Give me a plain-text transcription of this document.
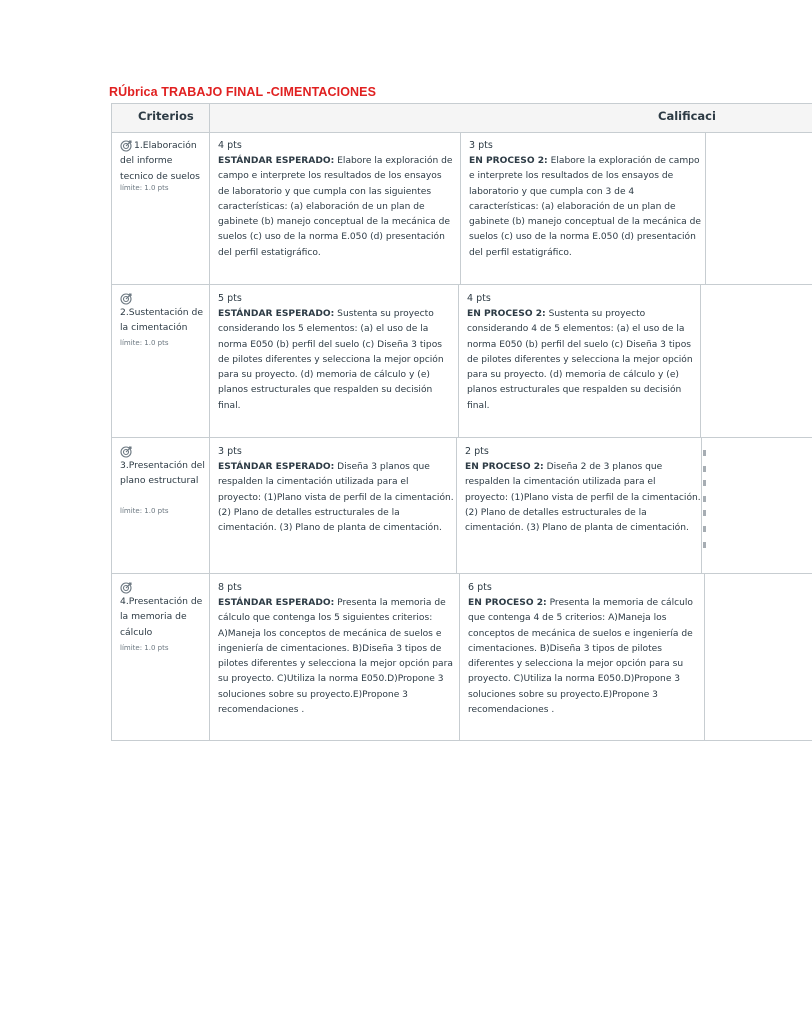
RÚbrica TRABAJO FINAL -CIMENTACIONES
Criterios	Calificaci
1.Elaboración del informe tecnico de suelos
límite: 1.0 pts
4 pts
ESTÁNDAR ESPERADO: Elabore la exploración de campo e interprete los resultados de los ensayos de laboratorio y que cumpla con las siguientes características: (a) elaboración de un plan de gabinete (b) manejo conceptual de la mecánica de suelos (c) uso de la norma E.050 (d) presentación del perfil estatigráfico.
3 pts
EN PROCESO 2: Elabore la exploración de campo e interprete los resultados de los ensayos de laboratorio y que cumpla con 3 de 4 características: (a) elaboración de un plan de gabinete (b) manejo conceptual de la mecánica de suelos (c) uso de la norma E.050 (d) presentación del perfil estatigráfico.
2.Sustentación de la cimentación
límite: 1.0 pts
5 pts
ESTÁNDAR ESPERADO: Sustenta su proyecto considerando los 5 elementos: (a) el uso de la norma E050 (b) perfil del suelo (c) Diseña 3 tipos de pilotes diferentes y selecciona la mejor opción para su proyecto. (d) memoria de cálculo y (e) planos estructurales que respalden su decisión final.
4 pts
EN PROCESO 2: Sustenta su proyecto considerando 4 de 5 elementos: (a) el uso de la norma E050 (b) perfil del suelo (c) Diseña 3 tipos de pilotes diferentes y selecciona la mejor opción para su proyecto. (d) memoria de cálculo y (e) planos estructurales que respalden su decisión final.
3.Presentación del plano estructural
límite: 1.0 pts
3 pts
ESTÁNDAR ESPERADO: Diseña 3 planos que respalden la cimentación utilizada para el proyecto: (1)Plano vista de perfil de la cimentación. (2) Plano de detalles estructurales de la cimentación. (3) Plano de planta de cimentación.
2 pts
EN PROCESO 2: Diseña 2 de 3 planos que respalden la cimentación utilizada para el proyecto: (1)Plano vista de perfil de la cimentación. (2) Plano de detalles estructurales de la cimentación. (3) Plano de planta de cimentación.
4.Presentación de la memoria de cálculo
límite: 1.0 pts
8 pts
ESTÁNDAR ESPERADO: Presenta la memoria de cálculo que contenga los 5 siguientes criterios: A)Maneja los conceptos de mecánica de suelos e ingeniería de cimentaciones. B)Diseña 3 tipos de pilotes diferentes y selecciona la mejor opción para su proyecto. C)Utiliza la norma E050.D)Propone 3 soluciones sobre su proyecto.E)Propone 3 recomendaciones .
6 pts
EN PROCESO 2: Presenta la memoria de cálculo que contenga 4 de 5 criterios: A)Maneja los conceptos de mecánica de suelos e ingeniería de cimentaciones. B)Diseña 3 tipos de pilotes diferentes y selecciona la mejor opción para su proyecto. C)Utiliza la norma E050.D)Propone 3 soluciones sobre su proyecto.E)Propone 3 recomendaciones .
